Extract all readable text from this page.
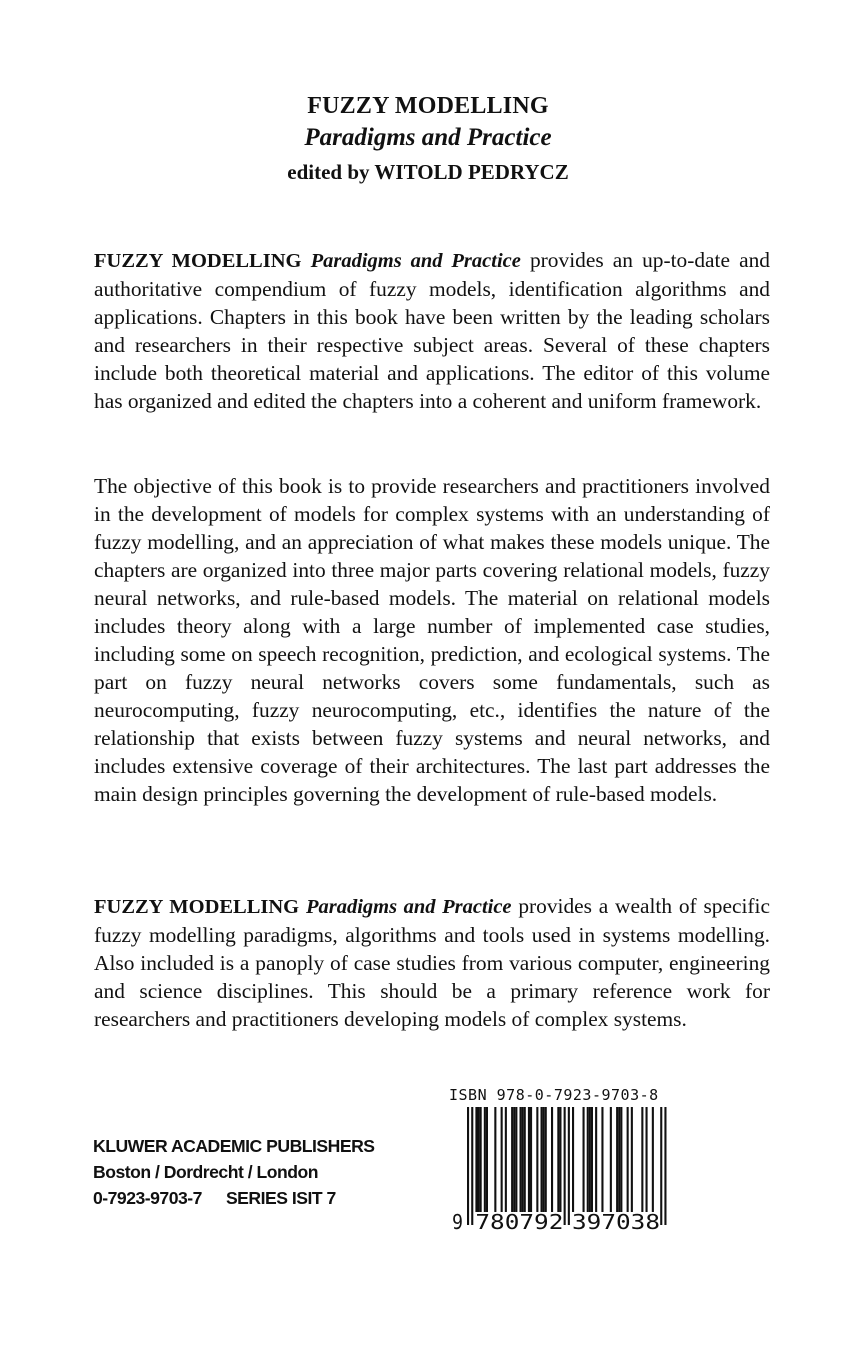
FUZZY MODELLING
Paradigms and Practice
edited by WITOLD PEDRYCZ

FUZZY MODELLING Paradigms and Practice provides an up-to-date and authoritative compendium of fuzzy models, identification algorithms and applications. Chapters in this book have been written by the leading scholars and researchers in their respective subject areas. Several of these chapters include both theoretical material and applications. The editor of this volume has organized and edited the chapters into a coherent and uniform framework.

The objective of this book is to provide researchers and practitioners involved in the development of models for complex systems with an understanding of fuzzy modelling, and an appreciation of what makes these models unique. The chapters are organized into three major parts covering relational models, fuzzy neural networks, and rule-based models. The material on relational models includes theory along with a large number of implemented case studies, including some on speech recognition, prediction, and ecological systems. The part on fuzzy neural networks covers some fundamentals, such as neurocomputing, fuzzy neurocomputing, etc., identifies the nature of the relationship that exists between fuzzy systems and neural networks, and includes extensive coverage of their architectures. The last part addresses the main design principles governing the development of rule-based models.

FUZZY MODELLING Paradigms and Practice provides a wealth of specific fuzzy modelling paradigms, algorithms and tools used in systems modelling. Also included is a panoply of case studies from various computer, engineering and science disciplines. This should be a primary reference work for researchers and practitioners developing models of complex systems.

KLUWER ACADEMIC PUBLISHERS
Boston / Dordrecht / London
0-7923-9703-7 SERIES ISIT 7
ISBN 978-0-7923-9703-8
9 780792 397038
